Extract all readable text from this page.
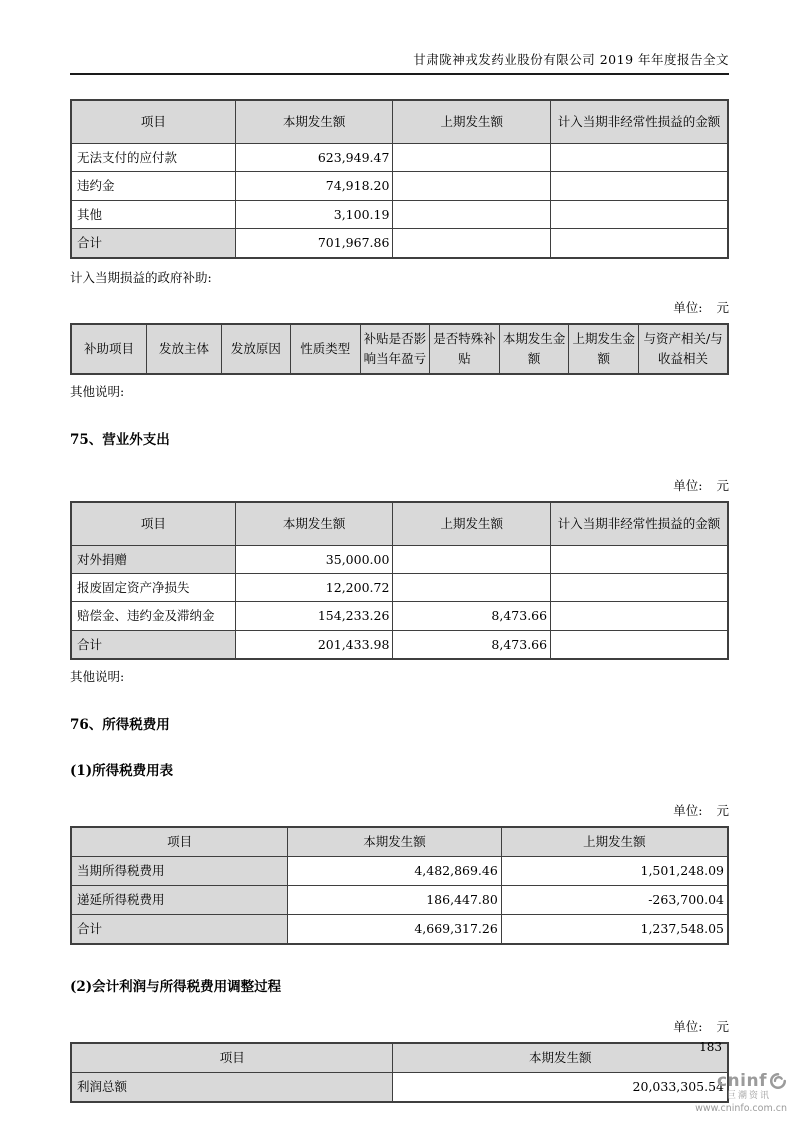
甘肃陇神戎发药业股份有限公司 2019 年年度报告全文
项目	本期发生额	上期发生额	计入当期非经常性损益的金额
无法支付的应付款	623,949.47		
违约金	74,918.20		
其他	3,100.19		
合计	701,967.86		
计入当期损益的政府补助:
单位: 元
补助项目	发放主体	发放原因	性质类型	补贴是否影响当年盈亏	是否特殊补贴	本期发生金额	上期发生金额	与资产相关/与收益相关
其他说明:
75、营业外支出
单位: 元
项目	本期发生额	上期发生额	计入当期非经常性损益的金额
对外捐赠	35,000.00		
报废固定资产净损失	12,200.72		
赔偿金、违约金及滞纳金	154,233.26	8,473.66	
合计	201,433.98	8,473.66	
其他说明:
76、所得税费用
(1)所得税费用表
单位: 元
项目	本期发生额	上期发生额
当期所得税费用	4,482,869.46	1,501,248.09
递延所得税费用	186,447.80	-263,700.04
合计	4,669,317.26	1,237,548.05
(2)会计利润与所得税费用调整过程
单位: 元
项目	本期发生额
利润总额	20,033,305.54
183
cninf
巨潮资讯
www.cninfo.com.cn
